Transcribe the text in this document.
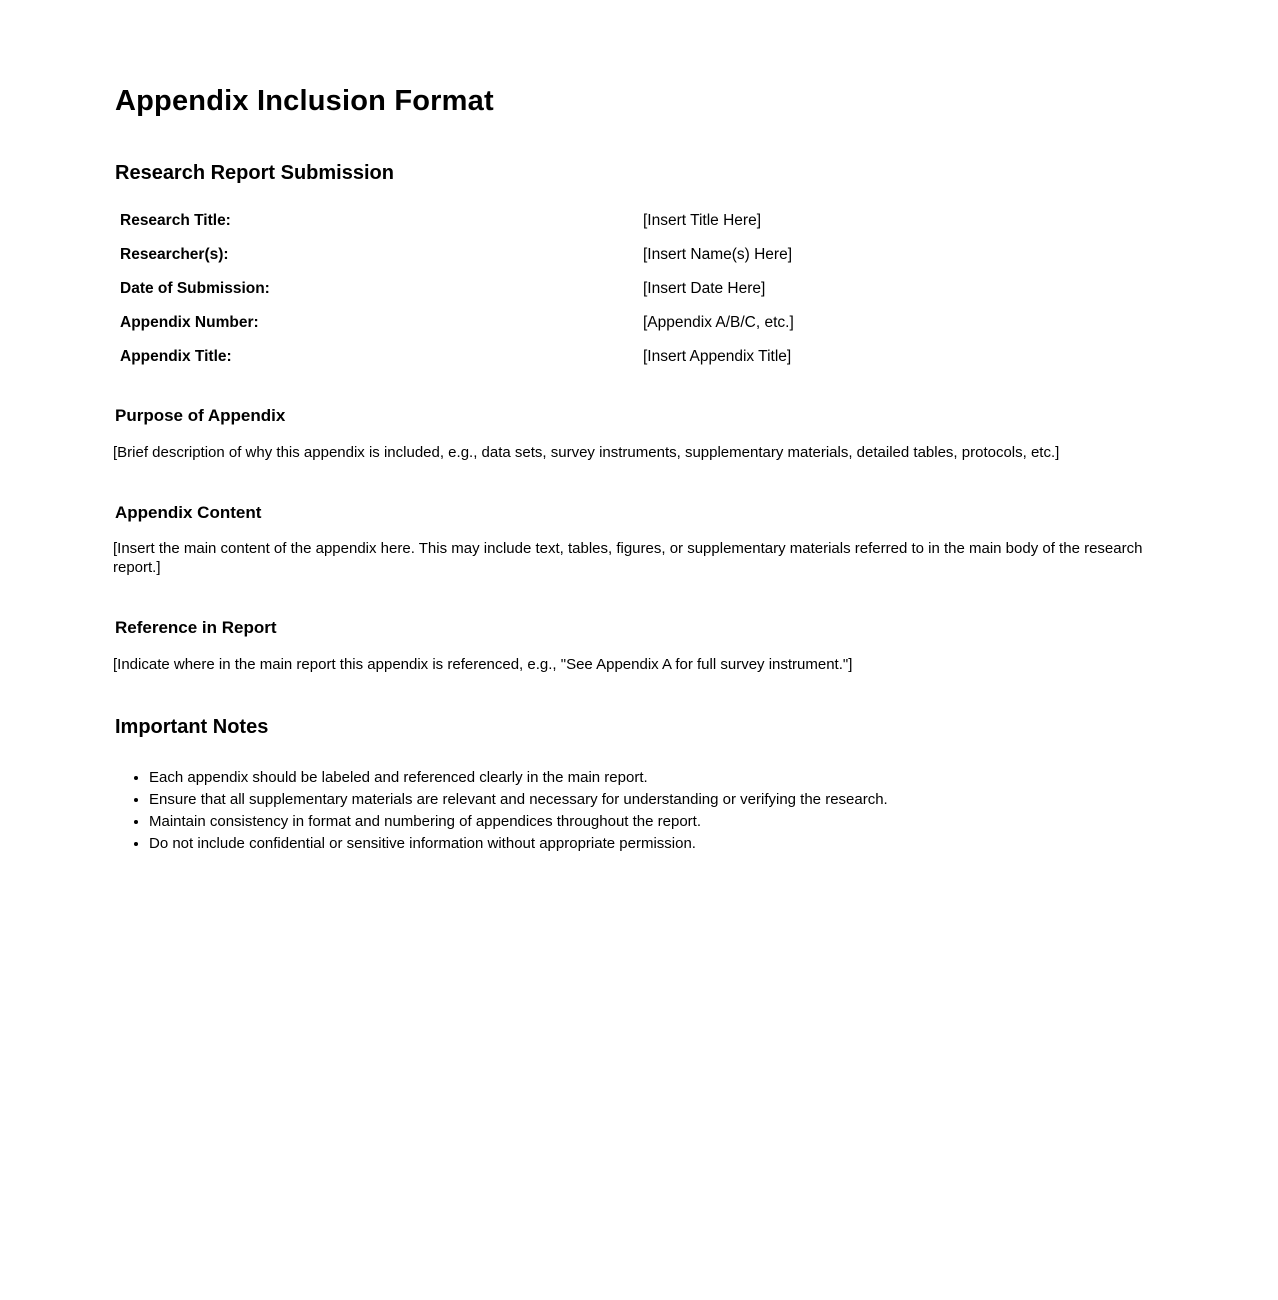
Appendix Inclusion Format
Research Report Submission
Research Title:	[Insert Title Here]
Researcher(s):	[Insert Name(s) Here]
Date of Submission:	[Insert Date Here]
Appendix Number:	[Appendix A/B/C, etc.]
Appendix Title:	[Insert Appendix Title]
Purpose of Appendix

[Brief description of why this appendix is included, e.g., data sets, survey instruments, supplementary materials, detailed tables, protocols, etc.]

Appendix Content

[Insert the main content of the appendix here. This may include text, tables, figures, or supplementary materials referred to in the main body of the research report.]

Reference in Report

[Indicate where in the main report this appendix is referenced, e.g., "See Appendix A for full survey instrument."]

Important Notes
• Each appendix should be labeled and referenced clearly in the main report.
• Ensure that all supplementary materials are relevant and necessary for understanding or verifying the research.
• Maintain consistency in format and numbering of appendices throughout the report.
• Do not include confidential or sensitive information without appropriate permission.
